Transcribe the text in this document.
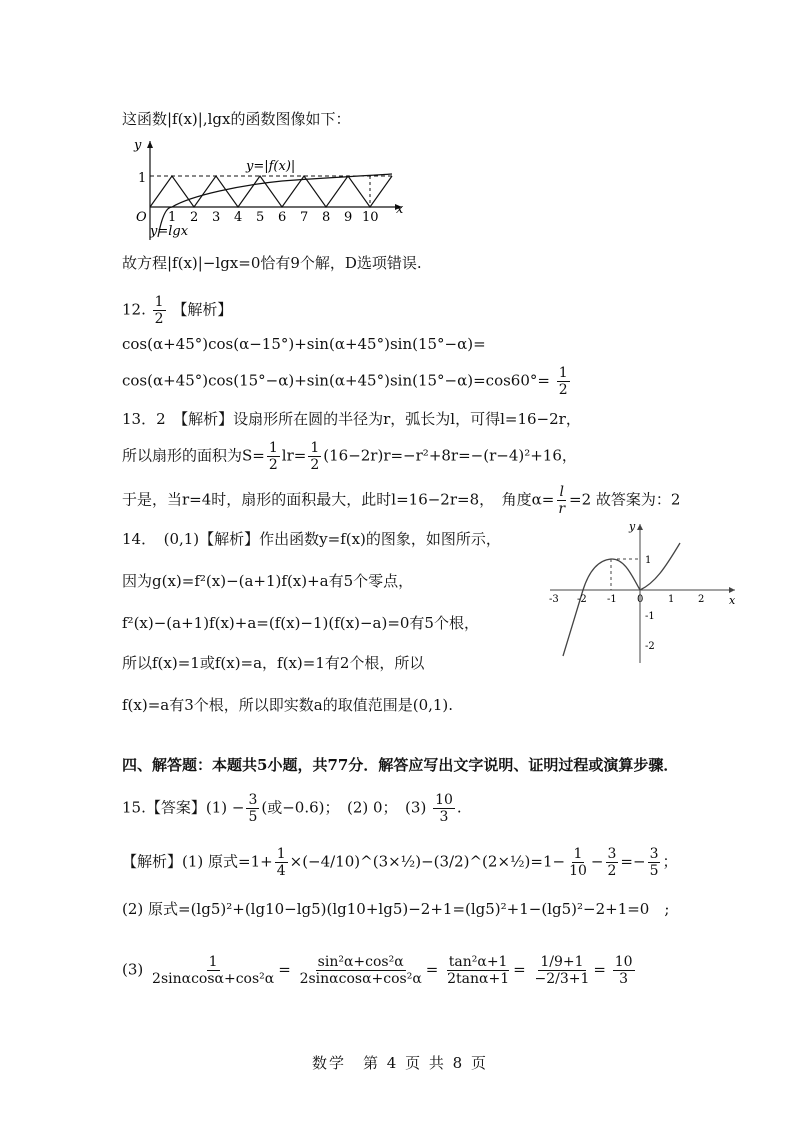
这函数|f(x)|,lgx的函数图像如下：
y
x
O
1
y=|f(x)|
y=lgx
1 2 3 4 5 6 7 8 9 10
故方程|f(x)|−lgx=0恰有9个解，D选项错误.
12. $\frac{1}{2}$ 【解析】
cos(α+45°)cos(α−15°)+sin(α+45°)sin(15°−α)=
$\cos(\alpha+45^\circ)\cos(15^\circ-\alpha)+\sin(\alpha+45^\circ)\sin(15^\circ-\alpha)=\cos 60^\circ= \frac{1}{2}$
13．2　【解析】设扇形所在圆的半径为r，弧长为l，可得l=16−2r，
所以扇形的面积为$S= \frac{1}{2} lr= \frac{1}{2} (16-2r)r=-r^2+8r=-(r-4)^2+16$，
于是，当r=4时，扇形的面积最大，此时l=16−2r=8，　角度$\alpha= \frac{l}{r} =2$ 故答案为：2
14．　(0,1)【解析】作出函数y=f(x)的图象，如图所示，
因为g(x)=f²(x)−(a+1)f(x)+a有5个零点，
f²(x)−(a+1)f(x)+a=(f(x)−1)(f(x)−a)=0有5个根，
所以f(x)=1或f(x)=a，f(x)=1有2个根，所以
f(x)=a有3个根，所以即实数a的取值范围是(0,1).
y
x
-3 -2 -1 0 1 2
1
-1
-2
四、解答题：本题共5小题，共77分．解答应写出文字说明、证明过程或演算步骤．
15.【答案】$(1) - \frac{3}{5}$ (或−0.6)；　(2) 0；　$(3) \frac{10}{3}$ .
【解析】(1) 原式$=1+ \frac{1}{4}$ ×(−4/10)^(3×½)−(3/2)^(2×½)=1− $\frac{1}{10} - \frac{3}{2} =- \frac{3}{5}$ ；
(2) 原式=(lg5)²+(lg10−lg5)(lg10+lg5)−2+1=(lg5)²+1−(lg5)²−2+1=0　;
$(3) \frac{1}{\text{2sinαcosα+cos²α}} = \frac{\text{sin²α+cos²α}}{\text{2sinαcosα+cos²α}} = \frac{\text{tan²α+1}}{2\tan\alpha+1} = \frac{1/9+1}{-2/3+1} = \frac{10}{3}$
数学　第 4 页 共 8 页
